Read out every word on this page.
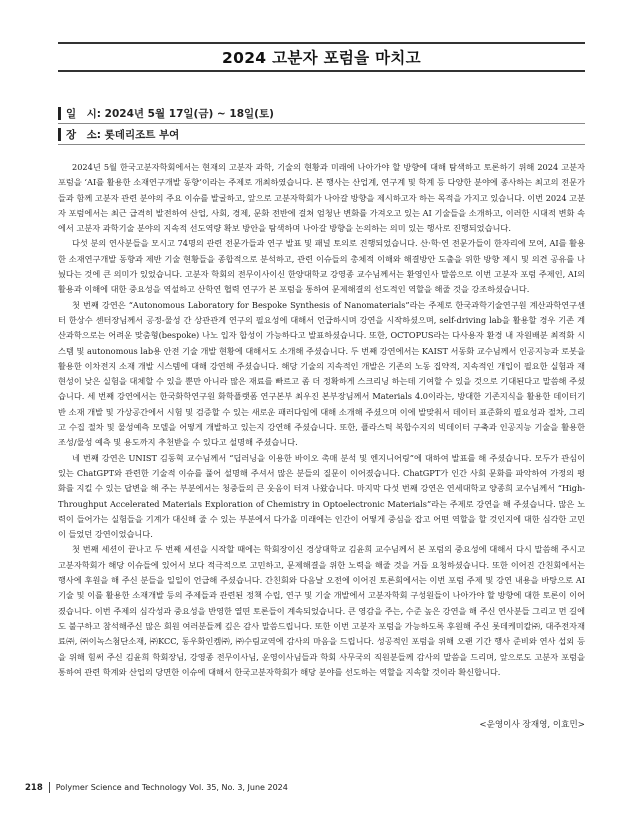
2024 고분자 포럼을 마치고
일　시:
2024년 5월 17일(금) ~ 18일(토)
장　소:
롯데리조트 부여

2024년 5월 한국고분자학회에서는 현재의 고분자 과학, 기술의 현황과 미래에 나아가야 할 방향에 대해 탐색하고 토론하기 위해 2024 고분자 포럼을 ‘AI를 활용한 소재연구개발 동향’이라는 주제로 개최하였습니다. 본 행사는 산업계, 연구계 및 학계 등 다양한 분야에 종사하는 최고의 전문가들과 함께 고분자 관련 분야의 주요 이슈를 발굴하고, 앞으로 고분자학회가 나아갈 방향을 제시하고자 하는 목적을 가지고 있습니다. 이번 2024 고분자 포럼에서는 최근 급격히 발전하여 산업, 사회, 경제, 문화 전반에 걸쳐 엄청난 변화를 가져오고 있는 AI 기술들을 소개하고, 이러한 시대적 변화 속에서 고분자 과학기술 분야의 지속적 선도역량 확보 방안을 탐색하며 나아갈 방향을 논의하는 의미 있는 행사로 진행되었습니다.

다섯 분의 연사분들을 모시고 74명의 관련 전문가들과 연구 발표 및 패널 토의로 진행되었습니다. 산·학·연 전문가들이 한자리에 모여, AI를 활용한 소재연구개발 동향과 제반 기술 현황들을 종합적으로 분석하고, 관련 이슈들의 총체적 이해와 해결방안 도출을 위한 방향 제시 및 의견 공유를 나눴다는 것에 큰 의미가 있었습니다. 고분자 학회의 전무이사이신 한양대학교 강영종 교수님께서는 환영인사 말씀으로 이번 고분자 포럼 주제인, AI의 활용과 이해에 대한 중요성을 역설하고 산학연 협력 연구가 본 포럼을 통하여 문제해결의 선도적인 역할을 해줄 것을 강조하셨습니다.

첫 번째 강연은 “Autonomous Laboratory for Bespoke Synthesis of Nanomaterials”라는 주제로 한국과학기술연구원 계산과학연구센터 한상수 센터장님께서 공정-물성 간 상관관계 연구의 필요성에 대해서 언급하시며 강연을 시작하셨으며, self-driving lab을 활용할 경우 기존 계산과학으로는 어려운 맞춤형(bespoke) 나노 입자 합성이 가능하다고 발표하셨습니다. 또한, OCTOPUS라는 다사용자 환경 내 자원배분 최적화 시스템 및 autonomous lab용 안전 기술 개발 현황에 대해서도 소개해 주셨습니다. 두 번째 강연에서는 KAIST 서동화 교수님께서 인공지능과 로봇을 활용한 이차전지 소재 개발 시스템에 대해 강연해 주셨습니다. 해당 기술의 지속적인 개발은 기존의 노동 집약적, 지속적인 개입이 필요한 실험과 재현성이 낮은 실험을 대체할 수 있을 뿐만 아니라 많은 재료를 빠르고 좀 더 정확하게 스크리닝 하는데 기여할 수 있을 것으로 기대된다고 말씀해 주셨습니다. 세 번째 강연에서는 한국화학연구원 화학플랫폼 연구본부 최우진 본부장님께서 Materials 4.0이라는, 방대한 기존지식을 활용한 데이터기반 소재 개발 및 가상공간에서 시험 및 검증할 수 있는 새로운 패러다임에 대해 소개해 주셨으며 이에 발맞춰서 데이터 표준화의 필요성과 절차, 그리고 수집 절차 및 물성예측 모델을 어떻게 개발하고 있는지 강연해 주셨습니다. 또한, 플라스틱 복합수지의 빅데이터 구축과 인공지능 기술을 활용한 조성/물성 예측 및 용도까지 추천받을 수 있다고 설명해 주셨습니다.

네 번째 강연은 UNIST 김동혁 교수님께서 “딥러닝을 이용한 바이오 촉매 분석 및 엔지니어링”에 대하여 발표를 해 주셨습니다. 모두가 관심이 있는 ChatGPT와 관련한 기술적 이슈를 풀어 설명해 주셔서 많은 분들의 질문이 이어졌습니다. ChatGPT가 인간 사회 문화를 파악하여 가정의 평화를 지킬 수 있는 답변을 해 주는 부분에서는 청중들의 큰 웃음이 터져 나왔습니다. 마지막 다섯 번째 강연은 연세대학교 양종희 교수님께서 “High-Throughput Accelerated Materials Exploration of Chemistry in Optoelectronic Materials”라는 주제로 강연을 해 주셨습니다. 많은 노력이 들어가는 실험들을 기계가 대신해 줄 수 있는 부분에서 다가올 미래에는 인간이 어떻게 중심을 잡고 어떤 역할을 할 것인지에 대한 심각한 고민이 들었던 강연이었습니다.

첫 번째 세션이 끝나고 두 번째 세션을 시작할 때에는 학회장이신 경상대학교 김윤희 교수님께서 본 포럼의 중요성에 대해서 다시 말씀해 주시고 고분자학회가 해당 이슈들에 있어서 보다 적극적으로 고민하고, 문제해결을 위한 노력을 해줄 것을 거듭 요청하셨습니다. 또한 이어진 간친회에서는 행사에 후원을 해 주신 분들을 일일이 언급해 주셨습니다. 간친회와 다음날 오전에 이어진 토론회에서는 이번 포럼 주제 및 강연 내용을 바탕으로 AI 기술 및 이를 활용한 소재개발 등의 주제들과 관련된 정책 수립, 연구 및 기술 개발에서 고분자학회 구성원들이 나아가야 할 방향에 대한 토론이 이어졌습니다. 이번 주제의 심각성과 중요성을 반영한 열띤 토론들이 계속되었습니다. 큰 영감을 주는, 수준 높은 강연을 해 주신 연사분들 그리고 먼 길에도 불구하고 참석해주신 많은 회원 여러분들께 깊은 감사 말씀드립니다. 또한 이번 고분자 포럼을 가능하도록 후원해 주신 롯데케미칼㈜, 대주전자재료㈜, ㈜이녹스첨단소재, ㈜KCC, 동우화인켐㈜, ㈜수림교역에 감사의 마음을 드립니다. 성공적인 포럼을 위해 오랜 기간 행사 준비와 연사 섭외 등을 위해 힘써 주신 김윤희 학회장님, 강영종 전무이사님, 운영이사님들과 학회 사무국의 직원분들께 감사의 말씀을 드리며, 앞으로도 고분자 포럼을 통하여 관련 학계와 산업의 당면한 이슈에 대해서 한국고분자학회가 해당 분야를 선도하는 역할을 지속할 것이라 확신합니다.

<운영이사 장재영, 이효민>
218 Polymer Science and Technology Vol. 35, No. 3, June 2024
